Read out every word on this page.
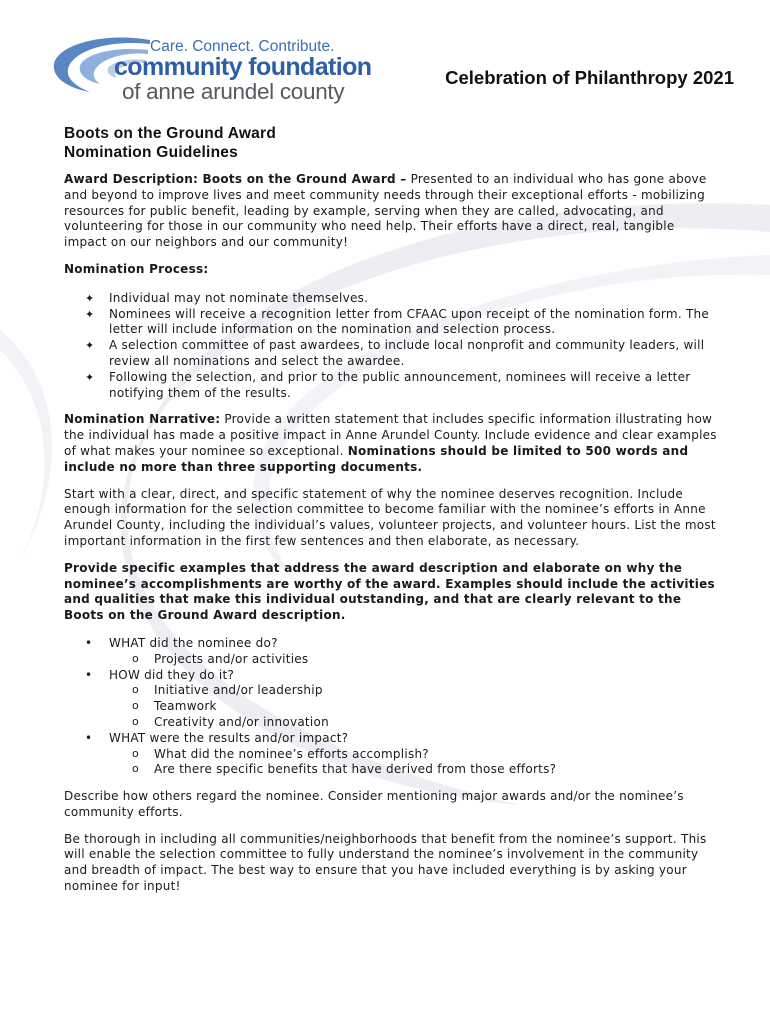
Care. Connect. Contribute.
community foundation
of anne arundel county
Celebration of Philanthropy 2021
Boots on the Ground Award
Nomination Guidelines

Award Description: Boots on the Ground Award – Presented to an individual who has gone above and beyond to improve lives and meet community needs through their exceptional efforts - mobilizing resources for public benefit, leading by example, serving when they are called, advocating, and volunteering for those in our community who need help. Their efforts have a direct, real, tangible impact on our neighbors and our community!

Nomination Process:
✦ Individual may not nominate themselves.
✦ Nominees will receive a recognition letter from CFAAC upon receipt of the nomination form. The letter will include information on the nomination and selection process.
✦ A selection committee of past awardees, to include local nonprofit and community leaders, will review all nominations and select the awardee.
✦ Following the selection, and prior to the public announcement, nominees will receive a letter notifying them of the results.

Nomination Narrative: Provide a written statement that includes specific information illustrating how the individual has made a positive impact in Anne Arundel County. Include evidence and clear examples of what makes your nominee so exceptional. Nominations should be limited to 500 words and include no more than three supporting documents.

Start with a clear, direct, and specific statement of why the nominee deserves recognition. Include enough information for the selection committee to become familiar with the nominee’s efforts in Anne Arundel County, including the individual’s values, volunteer projects, and volunteer hours. List the most important information in the first few sentences and then elaborate, as necessary.

Provide specific examples that address the award description and elaborate on why the nominee’s accomplishments are worthy of the award. Examples should include the activities and qualities that make this individual outstanding, and that are clearly relevant to the Boots on the Ground Award description.

• WHAT did the nominee do?
o Projects and/or activities
• HOW did they do it?
o Initiative and/or leadership
o Teamwork
o Creativity and/or innovation
• WHAT were the results and/or impact?
o What did the nominee’s efforts accomplish?
o Are there specific benefits that have derived from those efforts?

Describe how others regard the nominee. Consider mentioning major awards and/or the nominee’s community efforts.

Be thorough in including all communities/neighborhoods that benefit from the nominee’s support. This will enable the selection committee to fully understand the nominee’s involvement in the community and breadth of impact. The best way to ensure that you have included everything is by asking your nominee for input!
